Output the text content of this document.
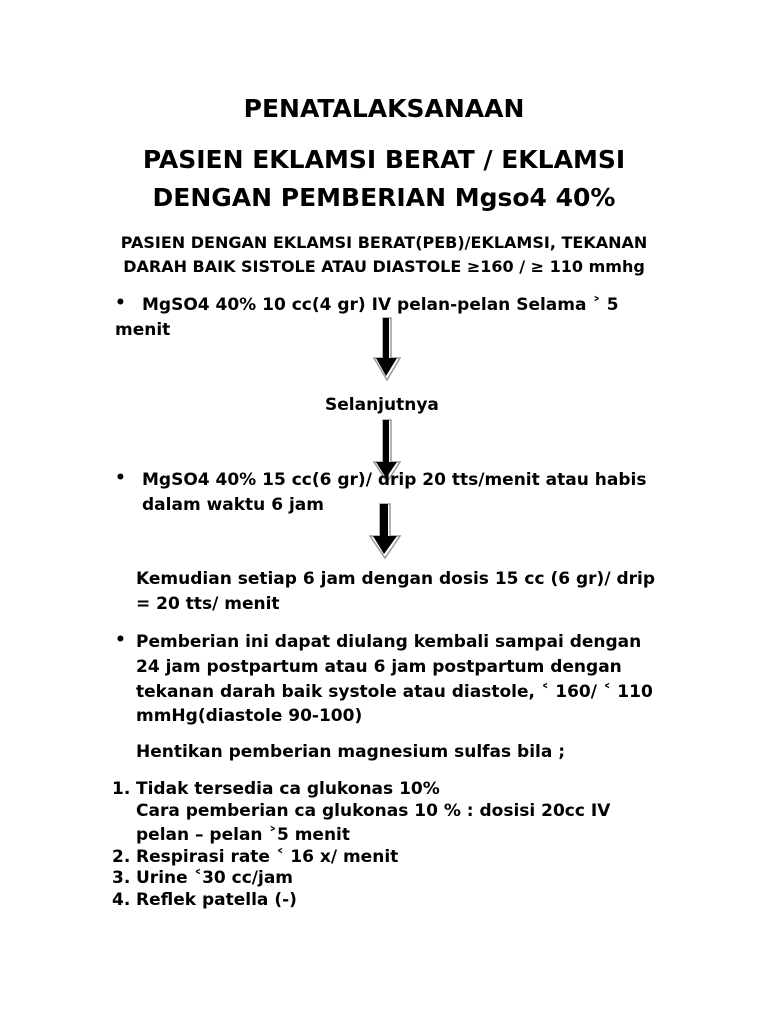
PENATALAKSANAAN
PASIEN EKLAMSI BERAT / EKLAMSI
DENGAN PEMBERIAN Mgso4 40%
PASIEN DENGAN EKLAMSI BERAT(PEB)/EKLAMSI, TEKANAN
DARAH BAIK SISTOLE ATAU DIASTOLE ≥160 / ≥ 110 mmhg
• MgSO4 40% 10 cc(4 gr) IV pelan-pelan Selama ˃ 5
menit
Selanjutnya
• MgSO4 40% 15 cc(6 gr)/ drip 20 tts/menit atau habis
dalam waktu 6 jam
Kemudian setiap 6 jam dengan dosis 15 cc (6 gr)/ drip
= 20 tts/ menit
• Pemberian ini dapat diulang kembali sampai dengan
24 jam postpartum atau 6 jam postpartum dengan
tekanan darah baik systole atau diastole, ˂ 160/ ˂ 110
mmHg(diastole 90-100)
Hentikan pemberian magnesium sulfas bila ;
1. Tidak tersedia ca glukonas 10%
Cara pemberian ca glukonas 10 % : dosisi 20cc IV
pelan – pelan ˃5 menit
2. Respirasi rate ˂ 16 x/ menit
3. Urine ˂30 cc/jam
4. Reflek patella (-)
